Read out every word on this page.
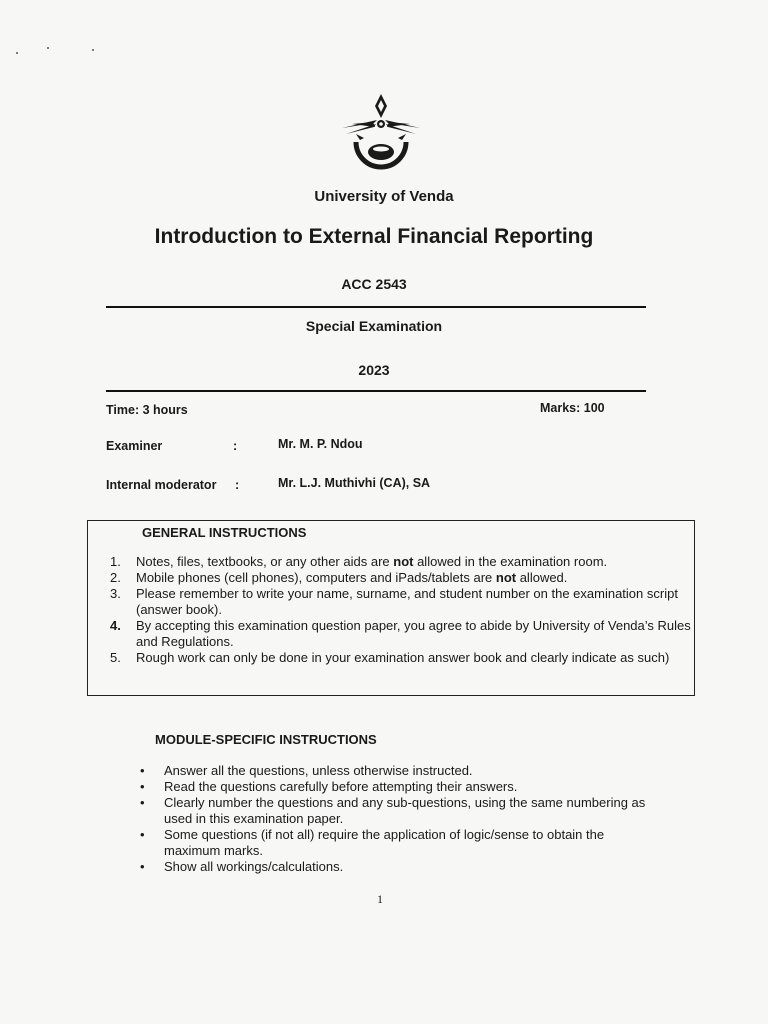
University of Venda
Introduction to External Financial Reporting
ACC 2543
Special Examination
2023
Time: 3 hours	Marks: 100
Examiner	:	Mr. M. P. Ndou
Internal moderator :	Mr. L.J. Muthivhi (CA), SA
GENERAL INSTRUCTIONS
1.	Notes, files, textbooks, or any other aids are not allowed in the examination room.
2.	Mobile phones (cell phones), computers and iPads/tablets are not allowed.
3.	Please remember to write your name, surname, and student number on the examination script (answer book).
4.	By accepting this examination question paper, you agree to abide by University of Venda’s Rules and Regulations.
5.	Rough work can only be done in your examination answer book and clearly indicate as such)
MODULE-SPECIFIC INSTRUCTIONS
•	Answer all the questions, unless otherwise instructed.
•	Read the questions carefully before attempting their answers.
•	Clearly number the questions and any sub-questions, using the same numbering as used in this examination paper.
•	Some questions (if not all) require the application of logic/sense to obtain the maximum marks.
•	Show all workings/calculations.
1
